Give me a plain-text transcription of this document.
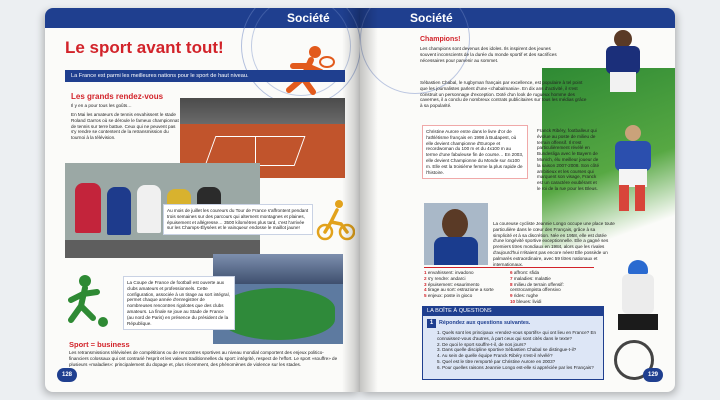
Société
Le sport avant tout!
La France est parmi les meilleures nations pour le sport de haut niveau.
Les grands rendez-vous
Il y en a pour tous les goûts…
En Mai les amateurs de tennis envahissent le stade Roland Garros où se déroule le fameux championnat de tennis sur terre battue. Ceux qui ne peuvent pas s'y rendre se contentent de la retransmission du tournoi à la télévision.
Au mois de juillet les coureurs du Tour de France s'affrontent pendant trois semaines sur des parcours qui alternent montagnes et plaines, épuisement et allégresse… 3500 kilomètres plus tard, c'est l'arrivée sur les Champs-Élysées et le vainqueur endosse le maillot jaune!
La Coupe de France de football est ouverte aux clubs amateurs et professionnels. Cette configuration, associée à un tirage au sort intégral, permet chaque année d'enregistrer de nombreuses rencontres rigolotes que des clubs amateurs. La finale se joue au Stade de France (au nord de Paris) en présence du président de la République.
Sport = business
Les retransmissions télévisées de compétitions ou de rencontres sportives au niveau mondial comportent des enjeux politico-financiers colossaux qui ont contrarié l'esprit et les valeurs traditionnelles du sport: intégrité, respect de l'effort. Le sport «souffre» de plusieurs «maladies»: principalement du dopage et, plus récemment, des phénomènes de violence sur les stades.
128
Société
Champions!
Les champions sont devenus des idoles. Ils inspirent des jeunes souvent inconscients de la durée du monde sportif et des sacrifices nécessaires pour parvenir au sommet.
Sébastien Chabal, le rugbyman français par excellence, est populaire à tel point que les journalistes parlent d'une «chabalmania». En dix ans d'activité, il s'est construit un personnage d'exception. Doté d'un look de rugueux homme des cavernes, il a conclu de nombreux contrats publicitaires sur tous les médias grâce à sa popularité.
Christine Aurore entre dans le livre d'or de l'athlétisme français en 1998 à Budapest, où elle devient championne d'Europe et recordwoman du 100 m et du 4x100 m au terme d'une fabuleuse fin de course… En 2003, elle devient Championne du Monde sur 4x100 m. Elle est la troisième femme la plus rapide de l'histoire.
Franck Ribéry, footballeur qui évolue au poste de milieu de terrain offensif. Il s'est particulièrement révélé en Bundesliga avec le Bayern de Munich, élu meilleur joueur de la saison 2007-2008. Son côté ambitieux et les courses qui marquent son visage, Franck est un caractère exubérant et le roi de la rue pour les Bleus.
La coureuse cycliste Jeannie Longo occupe une place toute particulière dans le cœur des Français, grâce à sa simplicité et à sa discrétion. Née en 1958, elle est dotée d'une longévité sportive exceptionnelle. Elle a gagné ses premiers titres mondiaux en 1984, alors que les rivales d'aujourd'hui n'étaient pas encore nées! Elle possède un palmarès extraordinaire, avec 59 titres nationaux et internationaux.
1 envahissent: invadono
2 s'y rendre: andarci
3 épuisement: esaurimento
4 tirage au sort: estrazione a sorte
5 enjeux: poste in gioco
6 affront: sfida
7 maladies: malattie
8 milieu de terrain offensif: centrocampista offensivo
9 rides: rughe
10 bleues: lividi
LA BOÎTE À QUESTIONS
1	Répondez aux questions suivantes.
1. Quels sont les principaux «rendez-vous sportifs» qui ont lieu en France? En connaissez-vous d'autres, à part ceux qui sont cités dans le texte?
2. De quoi le sport souffre-t-il, de nos jours?
3. Dans quelle discipline sportive Sébastien Chabal se distingue-t-il?
4. Au sein de quelle équipe Franck Ribéry s'est-il révélé?
5. Quel est le titre remporté par Christine Aurore en 2003?
6. Pour quelles raisons Jeannie Longo est-elle si appréciée par les Français?
129
